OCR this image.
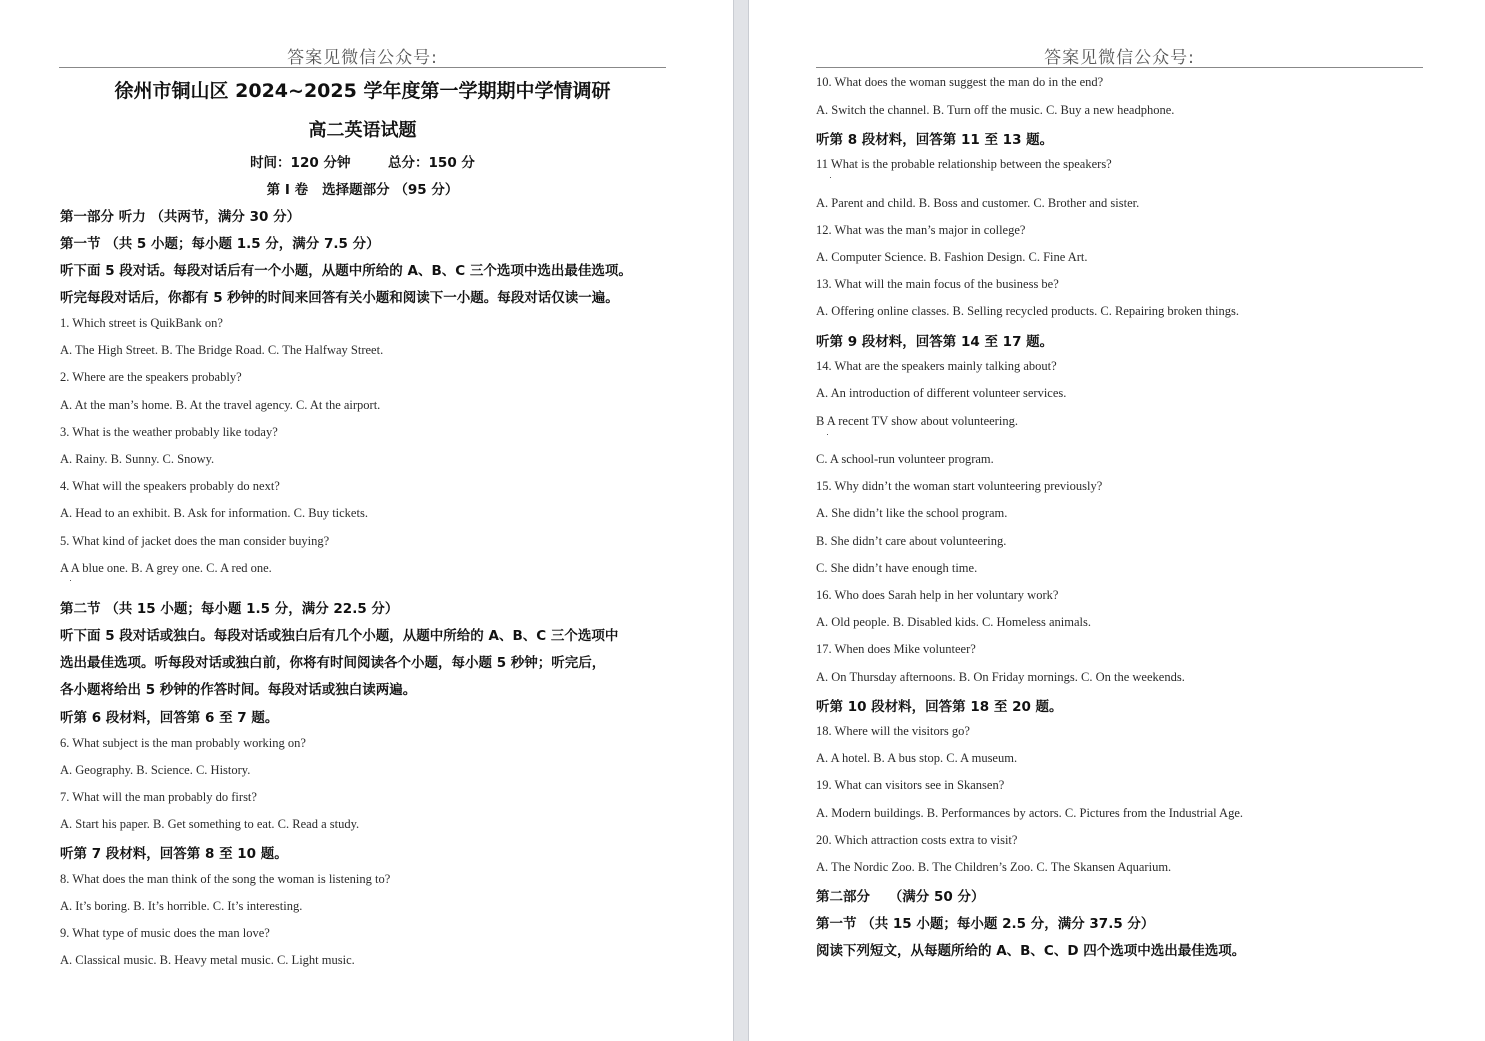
答案见微信公众号:
徐州市铜山区 2024~2025 学年度第一学期期中学情调研
高二英语试题
时间：120 分钟        总分：150 分
第 I 卷   选择题部分 （95 分）
第一部分 听力 （共两节，满分 30 分）
第一节 （共 5 小题；每小题 1.5 分，满分 7.5 分）
听下面 5 段对话。每段对话后有一个小题，从题中所给的 A、B、C 三个选项中选出最佳选项。
听完每段对话后，你都有 5 秒钟的时间来回答有关小题和阅读下一小题。每段对话仅读一遍。
1. Which street is QuikBank on?
A. The High Street. B. The Bridge Road. C. The Halfway Street.
2. Where are the speakers probably?
A. At the man’s home. B. At the travel agency. C. At the airport.
3. What is the weather probably like today?
A. Rainy. B. Sunny. C. Snowy.
4. What will the speakers probably do next?
A. Head to an exhibit. B. Ask for information. C. Buy tickets.
5. What kind of jacket does the man consider buying?
A A blue one. B. A grey one. C. A red one.
第二节 （共 15 小题；每小题 1.5 分，满分 22.5 分）
听下面 5 段对话或独白。每段对话或独白后有几个小题，从题中所给的 A、B、C 三个选项中
选出最佳选项。听每段对话或独白前，你将有时间阅读各个小题，每小题 5 秒钟；听完后，
各小题将给出 5 秒钟的作答时间。每段对话或独白读两遍。
听第 6 段材料，回答第 6 至 7 题。
6. What subject is the man probably working on?
A. Geography. B. Science. C. History.
7. What will the man probably do first?
A. Start his paper. B. Get something to eat. C. Read a study.
听第 7 段材料，回答第 8 至 10 题。
8. What does the man think of the song the woman is listening to?
A. It’s boring. B. It’s horrible. C. It’s interesting.
9. What type of music does the man love?
A. Classical music. B. Heavy metal music. C. Light music.
答案见微信公众号:
10. What does the woman suggest the man do in the end?
A. Switch the channel. B. Turn off the music. C. Buy a new headphone.
听第 8 段材料，回答第 11 至 13 题。
11 What is the probable relationship between the speakers?
A. Parent and child. B. Boss and customer. C. Brother and sister.
12. What was the man’s major in college?
A. Computer Science. B. Fashion Design. C. Fine Art.
13. What will the main focus of the business be?
A. Offering online classes. B. Selling recycled products. C. Repairing broken things.
听第 9 段材料，回答第 14 至 17 题。
14. What are the speakers mainly talking about?
A. An introduction of different volunteer services.
B A recent TV show about volunteering.
C. A school-run volunteer program.
15. Why didn’t the woman start volunteering previously?
A. She didn’t like the school program.
B. She didn’t care about volunteering.
C. She didn’t have enough time.
16. Who does Sarah help in her voluntary work?
A. Old people. B. Disabled kids. C. Homeless animals.
17. When does Mike volunteer?
A. On Thursday afternoons. B. On Friday mornings. C. On the weekends.
听第 10 段材料，回答第 18 至 20 题。
18. Where will the visitors go?
A. A hotel. B. A bus stop. C. A museum.
19. What can visitors see in Skansen?
A. Modern buildings. B. Performances by actors. C. Pictures from the Industrial Age.
20. Which attraction costs extra to visit?
A. The Nordic Zoo. B. The Children’s Zoo. C. The Skansen Aquarium.
第二部分    （满分 50 分）
第一节 （共 15 小题；每小题 2.5 分，满分 37.5 分）
阅读下列短文，从每题所给的 A、B、C、D 四个选项中选出最佳选项。
